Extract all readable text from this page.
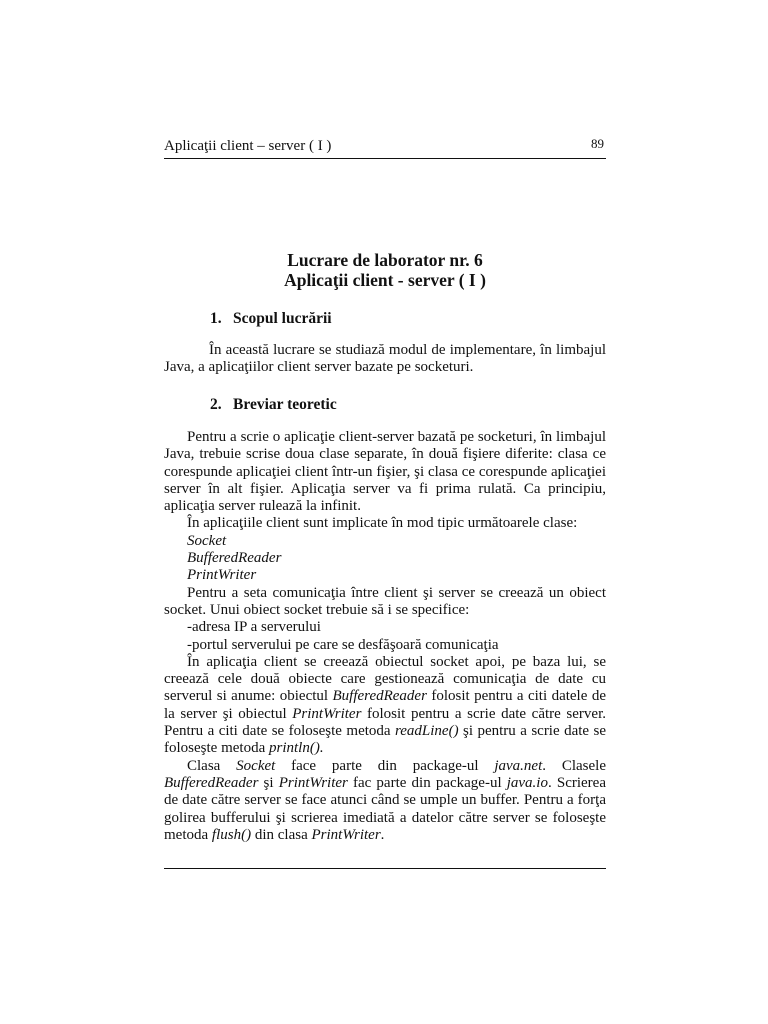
Aplicaţii client – server ( I )	89
Lucrare de laborator nr. 6
Aplicaţii client - server ( I )
1. Scopul lucrării

În această lucrare se studiază modul de implementare, în limbajul Java, a aplicaţiilor client server bazate pe socketuri.

2. Breviar teoretic

Pentru a scrie o aplicaţie client-server bazată pe socketuri, în limbajul Java, trebuie scrise doua clase separate, în două fişiere diferite: clasa ce corespunde aplicaţiei client într-un fişier, şi clasa ce corespunde aplicaţiei server în alt fişier. Aplicaţia server va fi prima rulată. Ca principiu, aplicaţia server rulează la infinit.

În aplicaţiile client sunt implicate în mod tipic următoarele clase:

Socket

BufferedReader

PrintWriter

Pentru a seta comunicaţia între client şi server se creează un obiect socket. Unui obiect socket trebuie să i se specifice:

-adresa IP a serverului

-portul serverului pe care se desfăşoară comunicaţia

În aplicaţia client se creează obiectul socket apoi, pe baza lui, se creează cele două obiecte care gestionează comunicaţia de date cu serverul si anume: obiectul BufferedReader folosit pentru a citi datele de la server şi obiectul PrintWriter folosit pentru a scrie date către server. Pentru a citi date se foloseşte metoda readLine() şi pentru a scrie date se foloseşte metoda println().

Clasa Socket face parte din package-ul java.net. Clasele BufferedReader şi PrintWriter fac parte din package-ul java.io. Scrierea de date către server se face atunci când se umple un buffer. Pentru a forţa golirea bufferului şi scrierea imediată a datelor către server se foloseşte metoda flush() din clasa PrintWriter.
